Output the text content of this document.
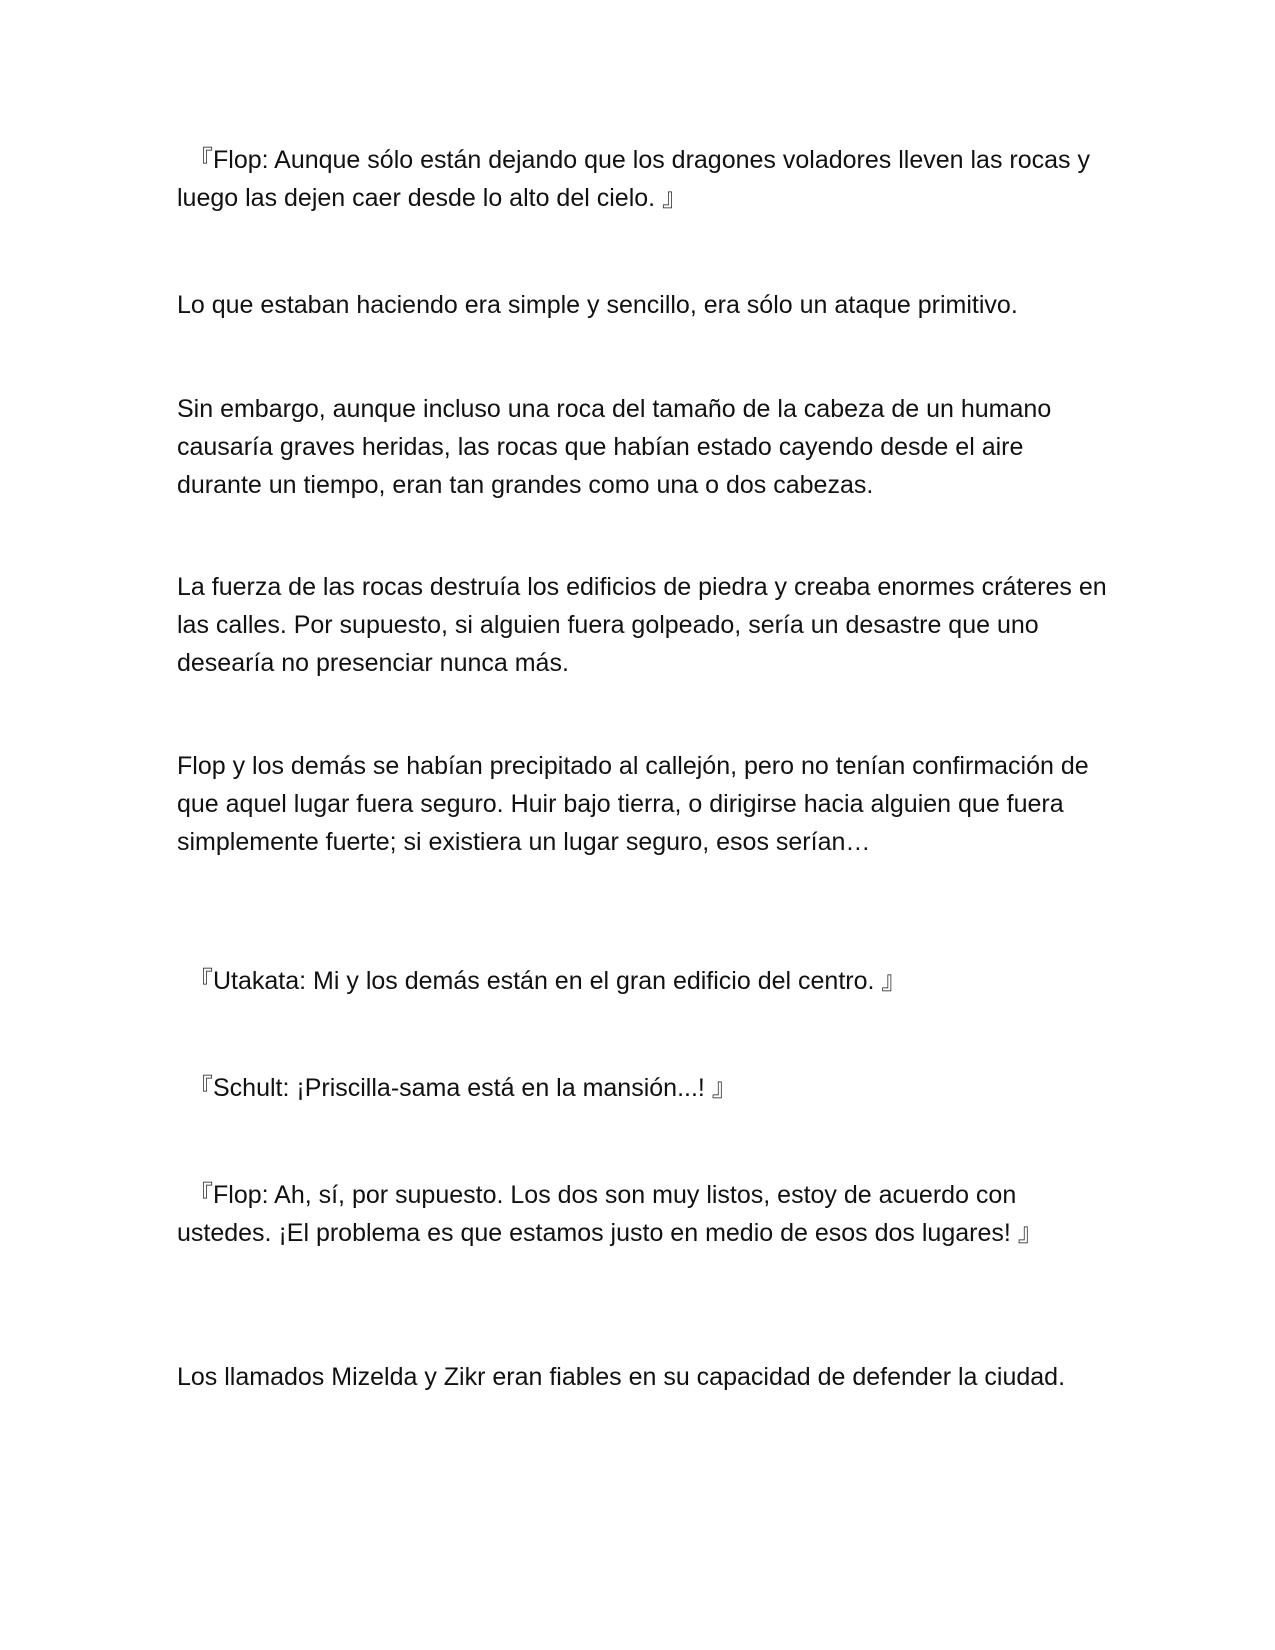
『Flop: Aunque sólo están dejando que los dragones voladores lleven las rocas y luego las dejen caer desde lo alto del cielo. 』

Lo que estaban haciendo era simple y sencillo, era sólo un ataque primitivo.

Sin embargo, aunque incluso una roca del tamaño de la cabeza de un humano causaría graves heridas, las rocas que habían estado cayendo desde el aire durante un tiempo, eran tan grandes como una o dos cabezas.

La fuerza de las rocas destruía los edificios de piedra y creaba enormes cráteres en las calles. Por supuesto, si alguien fuera golpeado, sería un desastre que uno desearía no presenciar nunca más.

Flop y los demás se habían precipitado al callejón, pero no tenían confirmación de que aquel lugar fuera seguro. Huir bajo tierra, o dirigirse hacia alguien que fuera simplemente fuerte; si existiera un lugar seguro, esos serían…

『Utakata: Mi y los demás están en el gran edificio del centro. 』

『Schult: ¡Priscilla-sama está en la mansión...! 』

『Flop: Ah, sí, por supuesto. Los dos son muy listos, estoy de acuerdo con ustedes. ¡El problema es que estamos justo en medio de esos dos lugares! 』

Los llamados Mizelda y Zikr eran fiables en su capacidad de defender la ciudad.
